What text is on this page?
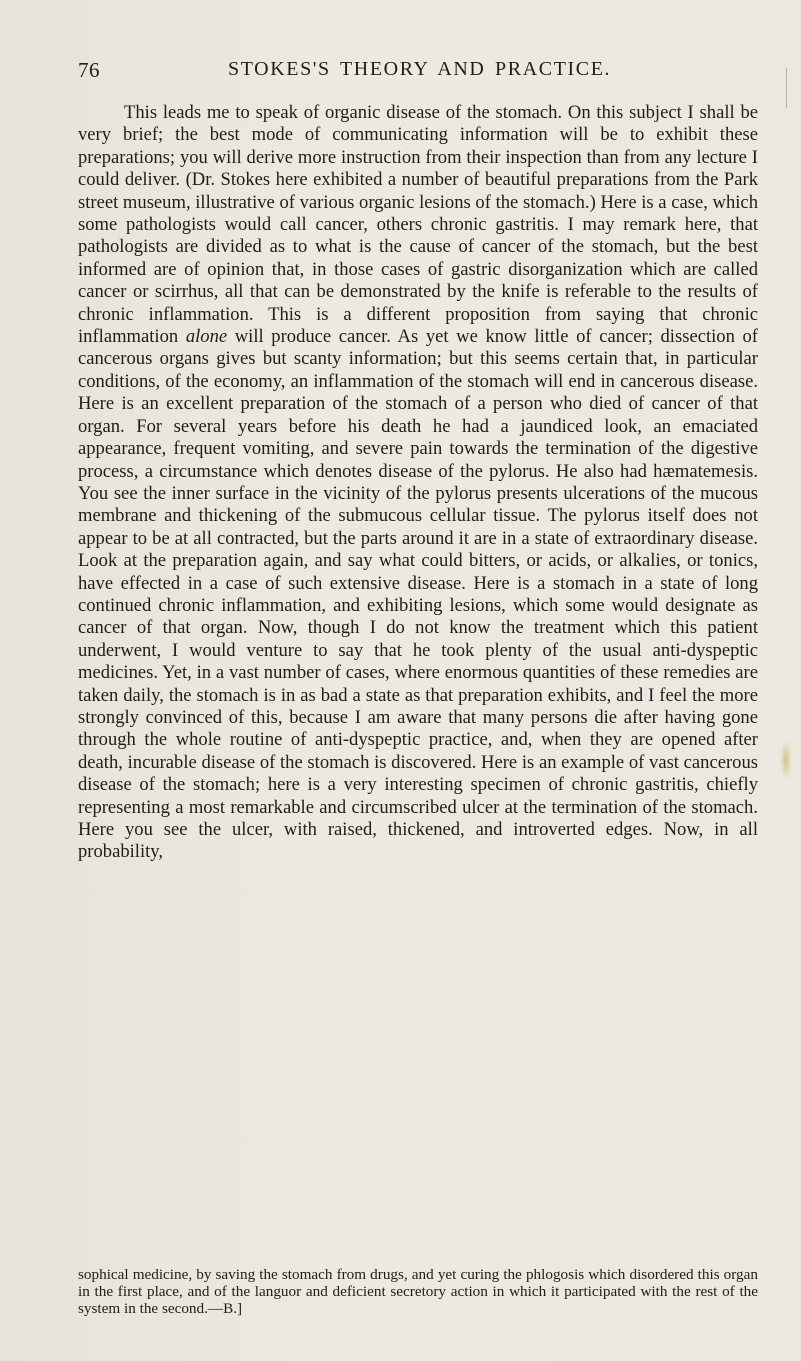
76	STOKES'S THEORY AND PRACTICE.

This leads me to speak of organic disease of the stomach. On this subject I shall be very brief; the best mode of communicating information will be to exhibit these preparations; you will derive more instruction from their inspection than from any lecture I could deliver. (Dr. Stokes here exhibited a number of beautiful preparations from the Park street museum, illustrative of various organic lesions of the stomach.) Here is a case, which some pathologists would call cancer, others chronic gastritis. I may remark here, that pathologists are divided as to what is the cause of cancer of the stomach, but the best informed are of opinion that, in those cases of gastric disorganization which are called cancer or scirrhus, all that can be demonstrated by the knife is referable to the results of chronic inflammation. This is a different proposition from saying that chronic inflammation alone will produce cancer. As yet we know little of cancer; dissection of cancerous organs gives but scanty information; but this seems certain that, in particular conditions, of the economy, an inflammation of the stomach will end in cancerous disease. Here is an excellent preparation of the stomach of a person who died of cancer of that organ. For several years before his death he had a jaundiced look, an emaciated appearance, frequent vomiting, and severe pain towards the termination of the digestive process, a circumstance which denotes disease of the pylorus. He also had hæmatemesis. You see the inner surface in the vicinity of the pylorus presents ulcerations of the mucous membrane and thickening of the submucous cellular tissue. The pylorus itself does not appear to be at all contracted, but the parts around it are in a state of extraordinary disease. Look at the preparation again, and say what could bitters, or acids, or alkalies, or tonics, have effected in a case of such extensive disease. Here is a stomach in a state of long continued chronic inflammation, and exhibiting lesions, which some would designate as cancer of that organ. Now, though I do not know the treatment which this patient underwent, I would venture to say that he took plenty of the usual anti-dyspeptic medicines. Yet, in a vast number of cases, where enormous quantities of these remedies are taken daily, the stomach is in as bad a state as that preparation exhibits, and I feel the more strongly convinced of this, because I am aware that many persons die after having gone through the whole routine of anti-dyspeptic practice, and, when they are opened after death, incurable disease of the stomach is discovered. Here is an example of vast cancerous disease of the stomach; here is a very interesting specimen of chronic gastritis, chiefly representing a most remarkable and circumscribed ulcer at the termination of the stomach. Here you see the ulcer, with raised, thickened, and introverted edges. Now, in all probability,

sophical medicine, by saving the stomach from drugs, and yet curing the phlogosis which disordered this organ in the first place, and of the languor and deficient secretory action in which it participated with the rest of the system in the second.—B.]
